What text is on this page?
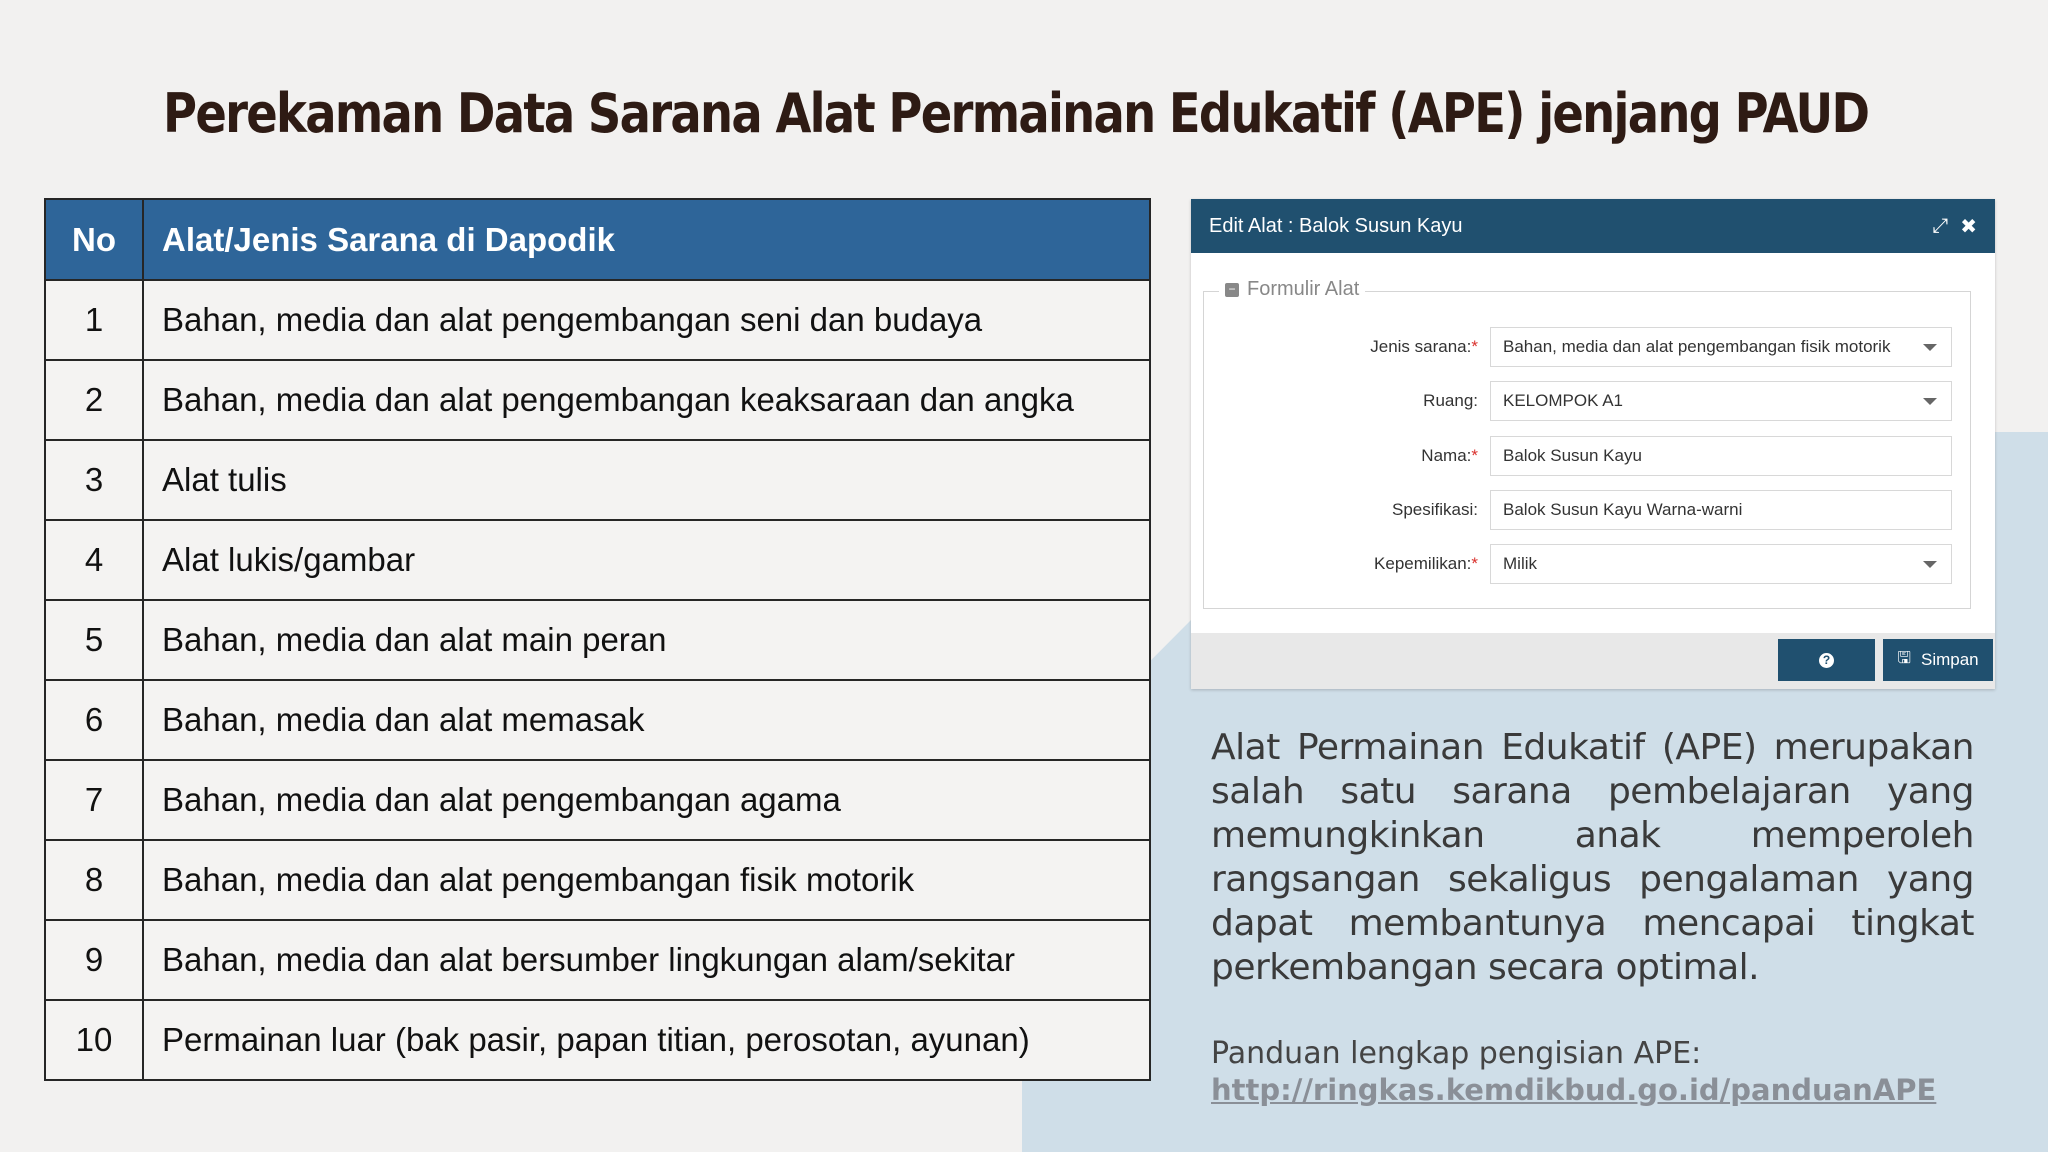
Perekaman Data Sarana Alat Permainan Edukatif (APE) jenjang PAUD
No	Alat/Jenis Sarana di Dapodik
1	Bahan, media dan alat pengembangan seni dan budaya
2	Bahan, media dan alat pengembangan keaksaraan dan angka
3	Alat tulis
4	Alat lukis/gambar
5	Bahan, media dan alat main peran
6	Bahan, media dan alat memasak
7	Bahan, media dan alat pengembangan agama
8	Bahan, media dan alat pengembangan fisik motorik
9	Bahan, media dan alat bersumber lingkungan alam/sekitar
10	Permainan luar (bak pasir, papan titian, perosotan, ayunan)
Edit Alat : Balok Susun Kayu	⤢ ✖
− Formulir Alat
Jenis sarana:*	Bahan, media dan alat pengembangan fisik motorik
Ruang:	KELOMPOK A1
Nama:*	Balok Susun Kayu
Spesifikasi:	Balok Susun Kayu Warna-warni
Kepemilikan:*	Milik
?	🖫 Simpan

Alat Permainan Edukatif (APE) merupakan salah satu sarana pembelajaran yang memungkinkan anak memperoleh rangsangan sekaligus pengalaman yang dapat membantunya mencapai tingkat perkembangan secara optimal.

Panduan lengkap pengisian APE:

http://ringkas.kemdikbud.go.id/panduanAPE
